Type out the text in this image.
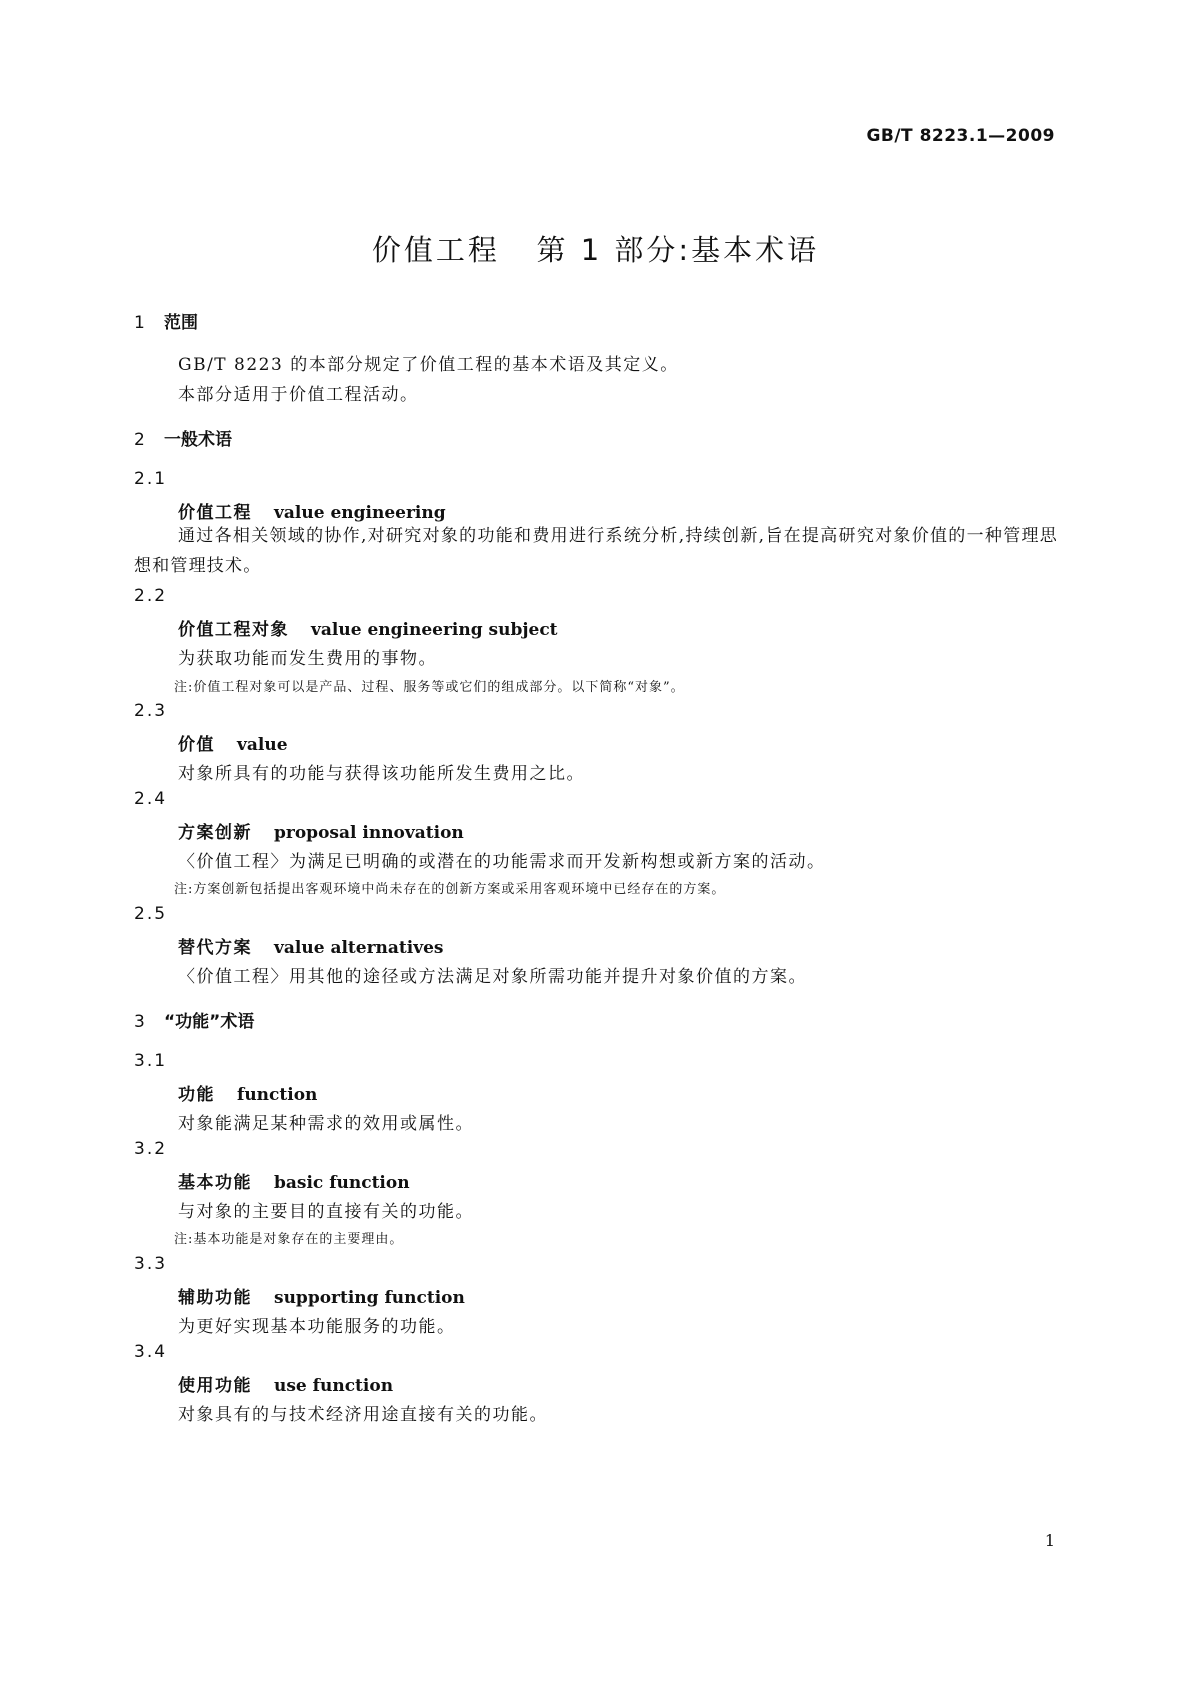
GB/T 8223.1—2009
价值工程   第 1 部分:基本术语
1 范围
GB/T 8223 的本部分规定了价值工程的基本术语及其定义。
本部分适用于价值工程活动。
2 一般术语
2.1
价值工程 value engineering
通过各相关领域的协作,对研究对象的功能和费用进行系统分析,持续创新,旨在提高研究对象价值的一种管理思想和管理技术。
2.2
价值工程对象 value engineering subject
为获取功能而发生费用的事物。
注:价值工程对象可以是产品、过程、服务等或它们的组成部分。以下简称“对象”。
2.3
价值 value
对象所具有的功能与获得该功能所发生费用之比。
2.4
方案创新 proposal innovation
〈价值工程〉为满足已明确的或潜在的功能需求而开发新构想或新方案的活动。
注:方案创新包括提出客观环境中尚未存在的创新方案或采用客观环境中已经存在的方案。
2.5
替代方案 value alternatives
〈价值工程〉用其他的途径或方法满足对象所需功能并提升对象价值的方案。
3 “功能”术语
3.1
功能 function
对象能满足某种需求的效用或属性。
3.2
基本功能 basic function
与对象的主要目的直接有关的功能。
注:基本功能是对象存在的主要理由。
3.3
辅助功能 supporting function
为更好实现基本功能服务的功能。
3.4
使用功能 use function
对象具有的与技术经济用途直接有关的功能。
1
